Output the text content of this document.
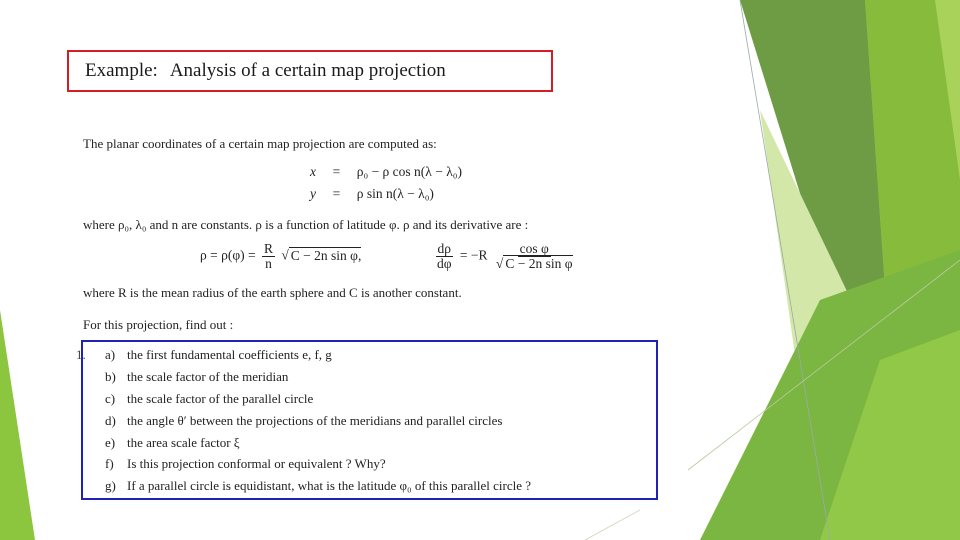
Example: Analysis of a certain map projection
The planar coordinates of a certain map projection are computed as:
x = ρ₀ − ρ cos n(λ − λ₀)
y = ρ sin n(λ − λ₀)
where ρ₀, λ₀ and n are constants. ρ is a function of latitude φ. ρ and its derivative are :
$\rho = \rho(\varphi) = \frac{R}{n}$ √ C − 2n sin φ,	$\frac{d\rho}{d\varphi} = -R \frac{\text{cos φ}}{\text{√ C − 2n sin φ}}$
where R is the mean radius of the earth sphere and C is another constant.
For this projection, find out :
1. a) the first fundamental coefficients e, f, g
b) the scale factor of the meridian
c) the scale factor of the parallel circle
d) the angle θ′ between the projections of the meridians and parallel circles
e) the area scale factor ξ
f) Is this projection conformal or equivalent ? Why?
g) If a parallel circle is equidistant, what is the latitude φ₀ of this parallel circle ?
